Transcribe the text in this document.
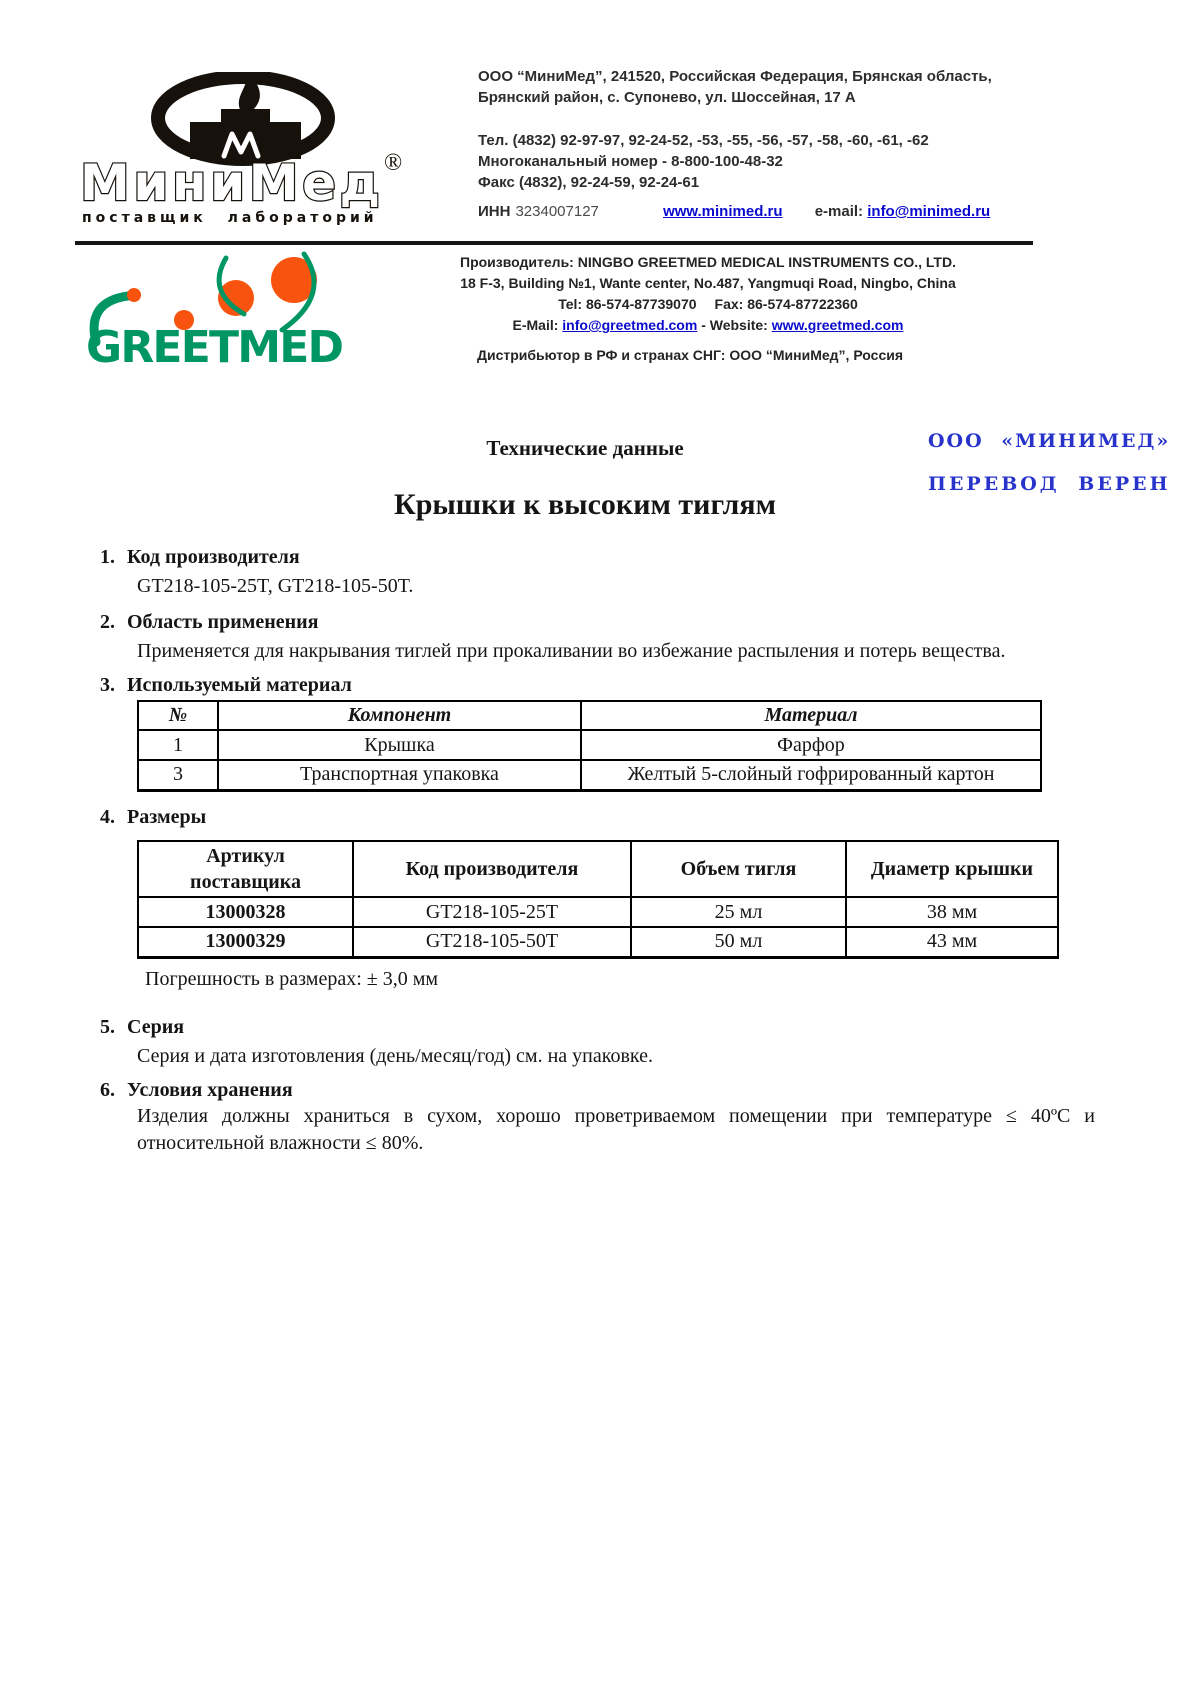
МиниМед ®
поставщик лабораторий
ООО “МиниМед”, 241520, Российская Федерация, Брянская область,
Брянский район, с. Супонево, ул. Шоссейная, 17 А
Тел. (4832) 92-97-97, 92-24-52, -53, -55, -56, -57, -58, -60, -61, -62
Многоканальный номер - 8-800-100-48-32
Факс (4832), 92-24-59, 92-24-61
ИНН 3234007127	www.minimed.ru e-mail: info@minimed.ru
GREETMED
Производитель: NINGBO GREETMED MEDICAL INSTRUMENTS CO., LTD.
18 F-3, Building №1, Wante center, No.487, Yangmuqi Road, Ningbo, China
Tel: 86-574-87739070 Fax: 86-574-87722360
E-Mail: info@greetmed.com - Website: www.greetmed.com
Дистрибьютор в РФ и странах СНГ: ООО “МиниМед”, Россия
ООО «МИНИМЕД»
ПЕРЕВОД ВЕРЕН
Технические данные
Крышки к высоким тиглям
1. Код производителя
GT218-105-25T, GT218-105-50T.
2. Область применения
Применяется для накрывания тиглей при прокаливании во избежание распыления и потерь вещества.
3. Используемый материал
№	Компонент	Материал
1	Крышка	Фарфор
3	Транспортная упаковка	Желтый 5-слойный гофрированный картон
4. Размеры
Артикул поставщика	Код производителя	Объем тигля	Диаметр крышки
13000328	GT218-105-25T	25 мл	38 мм
13000329	GT218-105-50T	50 мл	43 мм
Погрешность в размерах: ± 3,0 мм
5. Серия
Серия и дата изготовления (день/месяц/год) см. на упаковке.
6. Условия хранения
Изделия должны храниться в сухом, хорошо проветриваемом помещении при температуре ≤ 40ºС и
относительной влажности ≤ 80%.
